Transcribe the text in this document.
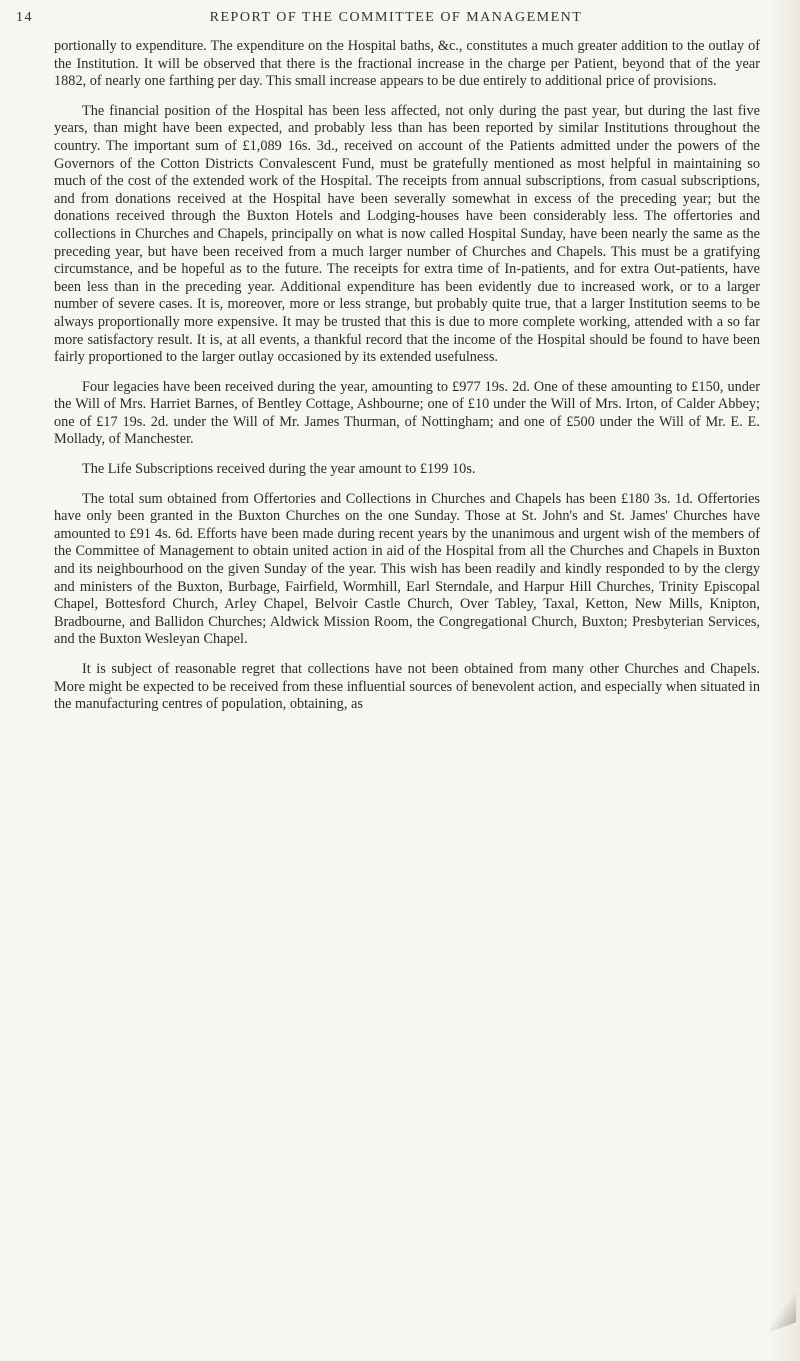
14	REPORT OF THE COMMITTEE OF MANAGEMENT

portionally to expenditure. The expenditure on the Hospital baths, &c., constitutes a much greater addition to the outlay of the Institution. It will be observed that there is the fractional increase in the charge per Patient, beyond that of the year 1882, of nearly one farthing per day. This small increase appears to be due entirely to additional price of provisions.

The financial position of the Hospital has been less affected, not only during the past year, but during the last five years, than might have been expected, and probably less than has been reported by similar Institutions throughout the country. The important sum of £1,089 16s. 3d., received on account of the Patients admitted under the powers of the Governors of the Cotton Districts Convalescent Fund, must be gratefully mentioned as most helpful in maintaining so much of the cost of the extended work of the Hospital. The receipts from annual subscriptions, from casual subscriptions, and from donations received at the Hospital have been severally somewhat in excess of the preceding year; but the donations received through the Buxton Hotels and Lodging-houses have been considerably less. The offertories and collections in Churches and Chapels, principally on what is now called Hospital Sunday, have been nearly the same as the preceding year, but have been received from a much larger number of Churches and Chapels. This must be a gratifying circumstance, and be hopeful as to the future. The receipts for extra time of In-patients, and for extra Out-patients, have been less than in the preceding year. Additional expenditure has been evidently due to increased work, or to a larger number of severe cases. It is, moreover, more or less strange, but probably quite true, that a larger Institution seems to be always proportionally more expensive. It may be trusted that this is due to more complete working, attended with a so far more satisfactory result. It is, at all events, a thankful record that the income of the Hospital should be found to have been fairly proportioned to the larger outlay occasioned by its extended usefulness.

Four legacies have been received during the year, amounting to £977 19s. 2d. One of these amounting to £150, under the Will of Mrs. Harriet Barnes, of Bentley Cottage, Ashbourne; one of £10 under the Will of Mrs. Irton, of Calder Abbey; one of £17 19s. 2d. under the Will of Mr. James Thurman, of Nottingham; and one of £500 under the Will of Mr. E. E. Mollady, of Manchester.

The Life Subscriptions received during the year amount to £199 10s.

The total sum obtained from Offertories and Collections in Churches and Chapels has been £180 3s. 1d. Offertories have only been granted in the Buxton Churches on the one Sunday. Those at St. John's and St. James' Churches have amounted to £91 4s. 6d. Efforts have been made during recent years by the unanimous and urgent wish of the members of the Committee of Management to obtain united action in aid of the Hospital from all the Churches and Chapels in Buxton and its neighbourhood on the given Sunday of the year. This wish has been readily and kindly responded to by the clergy and ministers of the Buxton, Burbage, Fairfield, Wormhill, Earl Sterndale, and Harpur Hill Churches, Trinity Episcopal Chapel, Bottesford Church, Arley Chapel, Belvoir Castle Church, Over Tabley, Taxal, Ketton, New Mills, Knipton, Bradbourne, and Ballidon Churches; Aldwick Mission Room, the Congregational Church, Buxton; Presbyterian Services, and the Buxton Wesleyan Chapel.

It is subject of reasonable regret that collections have not been obtained from many other Churches and Chapels. More might be expected to be received from these influential sources of benevolent action, and especially when situated in the manufacturing centres of population, obtaining, as
